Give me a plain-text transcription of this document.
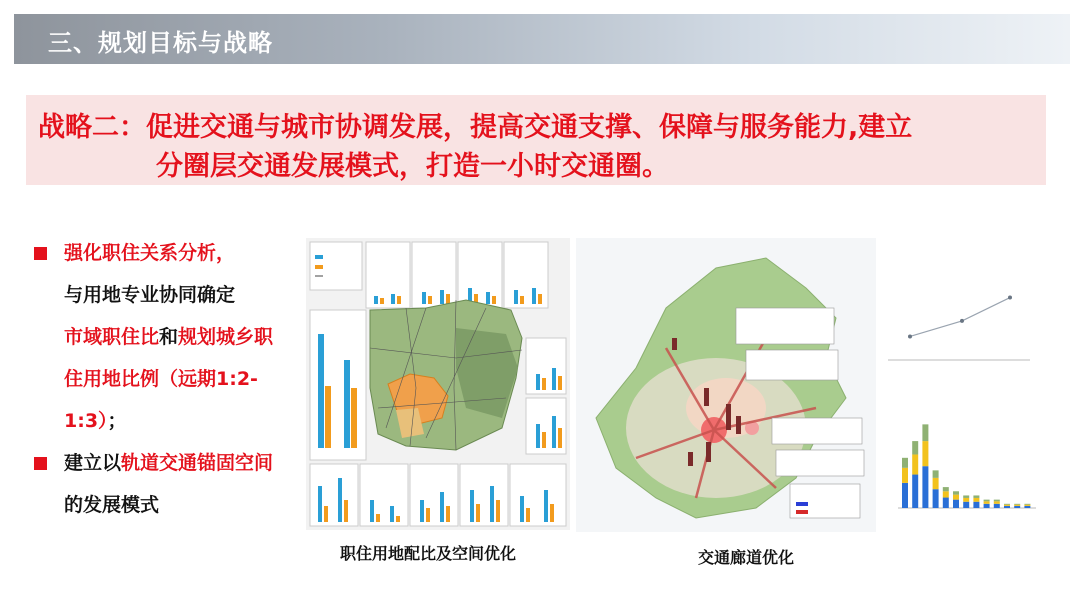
三、规划目标与战略
战略二：促进交通与城市协调发展，提高交通支撑、保障与服务能力,建立
分圈层交通发展模式，打造一小时交通圈。
强化职住关系分析，
与用地专业协同确定
市域职住比和规划城乡职住用地比例（远期1:2-1:3）；
建立以轨道交通锚固空间的发展模式
职住用地配比及空间优化	交通廊道优化
